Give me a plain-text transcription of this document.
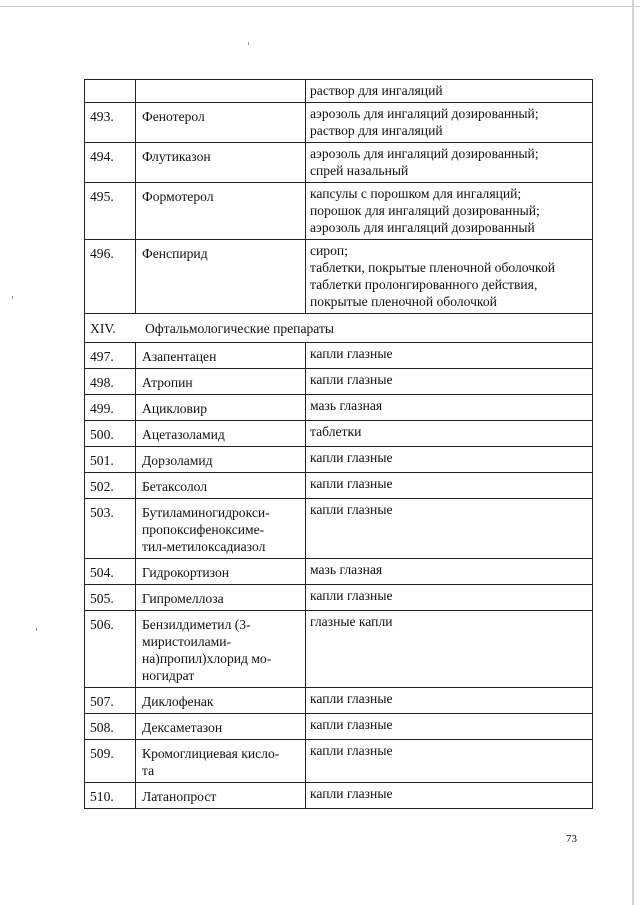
		раствор для ингаляций

493.	Фенотерол	аэрозоль для ингаляций дозированный;
раствор для ингаляций

494.	Флутиказон	аэрозоль для ингаляций дозированный;
спрей назальный

495.	Формотерол	капсулы с порошком для ингаляций;
порошок для ингаляций дозированный;
аэрозоль для ингаляций дозированный

496.	Фенспирид	сироп;
таблетки, покрытые пленочной оболочкой
таблетки пролонгированного действия,
покрытые пленочной оболочкой

XIV. Офтальмологические препараты		
497.	Азапентацен	капли глазные

498.	Атропин	капли глазные

499.	Ацикловир	мазь глазная

500.	Ацетазоламид	таблетки

501.	Дорзоламид	капли глазные

502.	Бетаксолол	капли глазные

503.	Бутиламиногидрокси-
пропоксифеноксиме-
тил-метилоксадиазол	капли глазные

504.	Гидрокортизон	мазь глазная

505.	Гипромеллоза	капли глазные

506.	Бензилдиметил (3-
миристоилами-
на)пропил)хлорид мо-
ногидрат	глазные капли

507.	Диклофенак	капли глазные

508.	Дексаметазон	капли глазные

509.	Кромоглициевая кисло-
та	капли глазные

510.	Латанопрост	капли глазные
73
